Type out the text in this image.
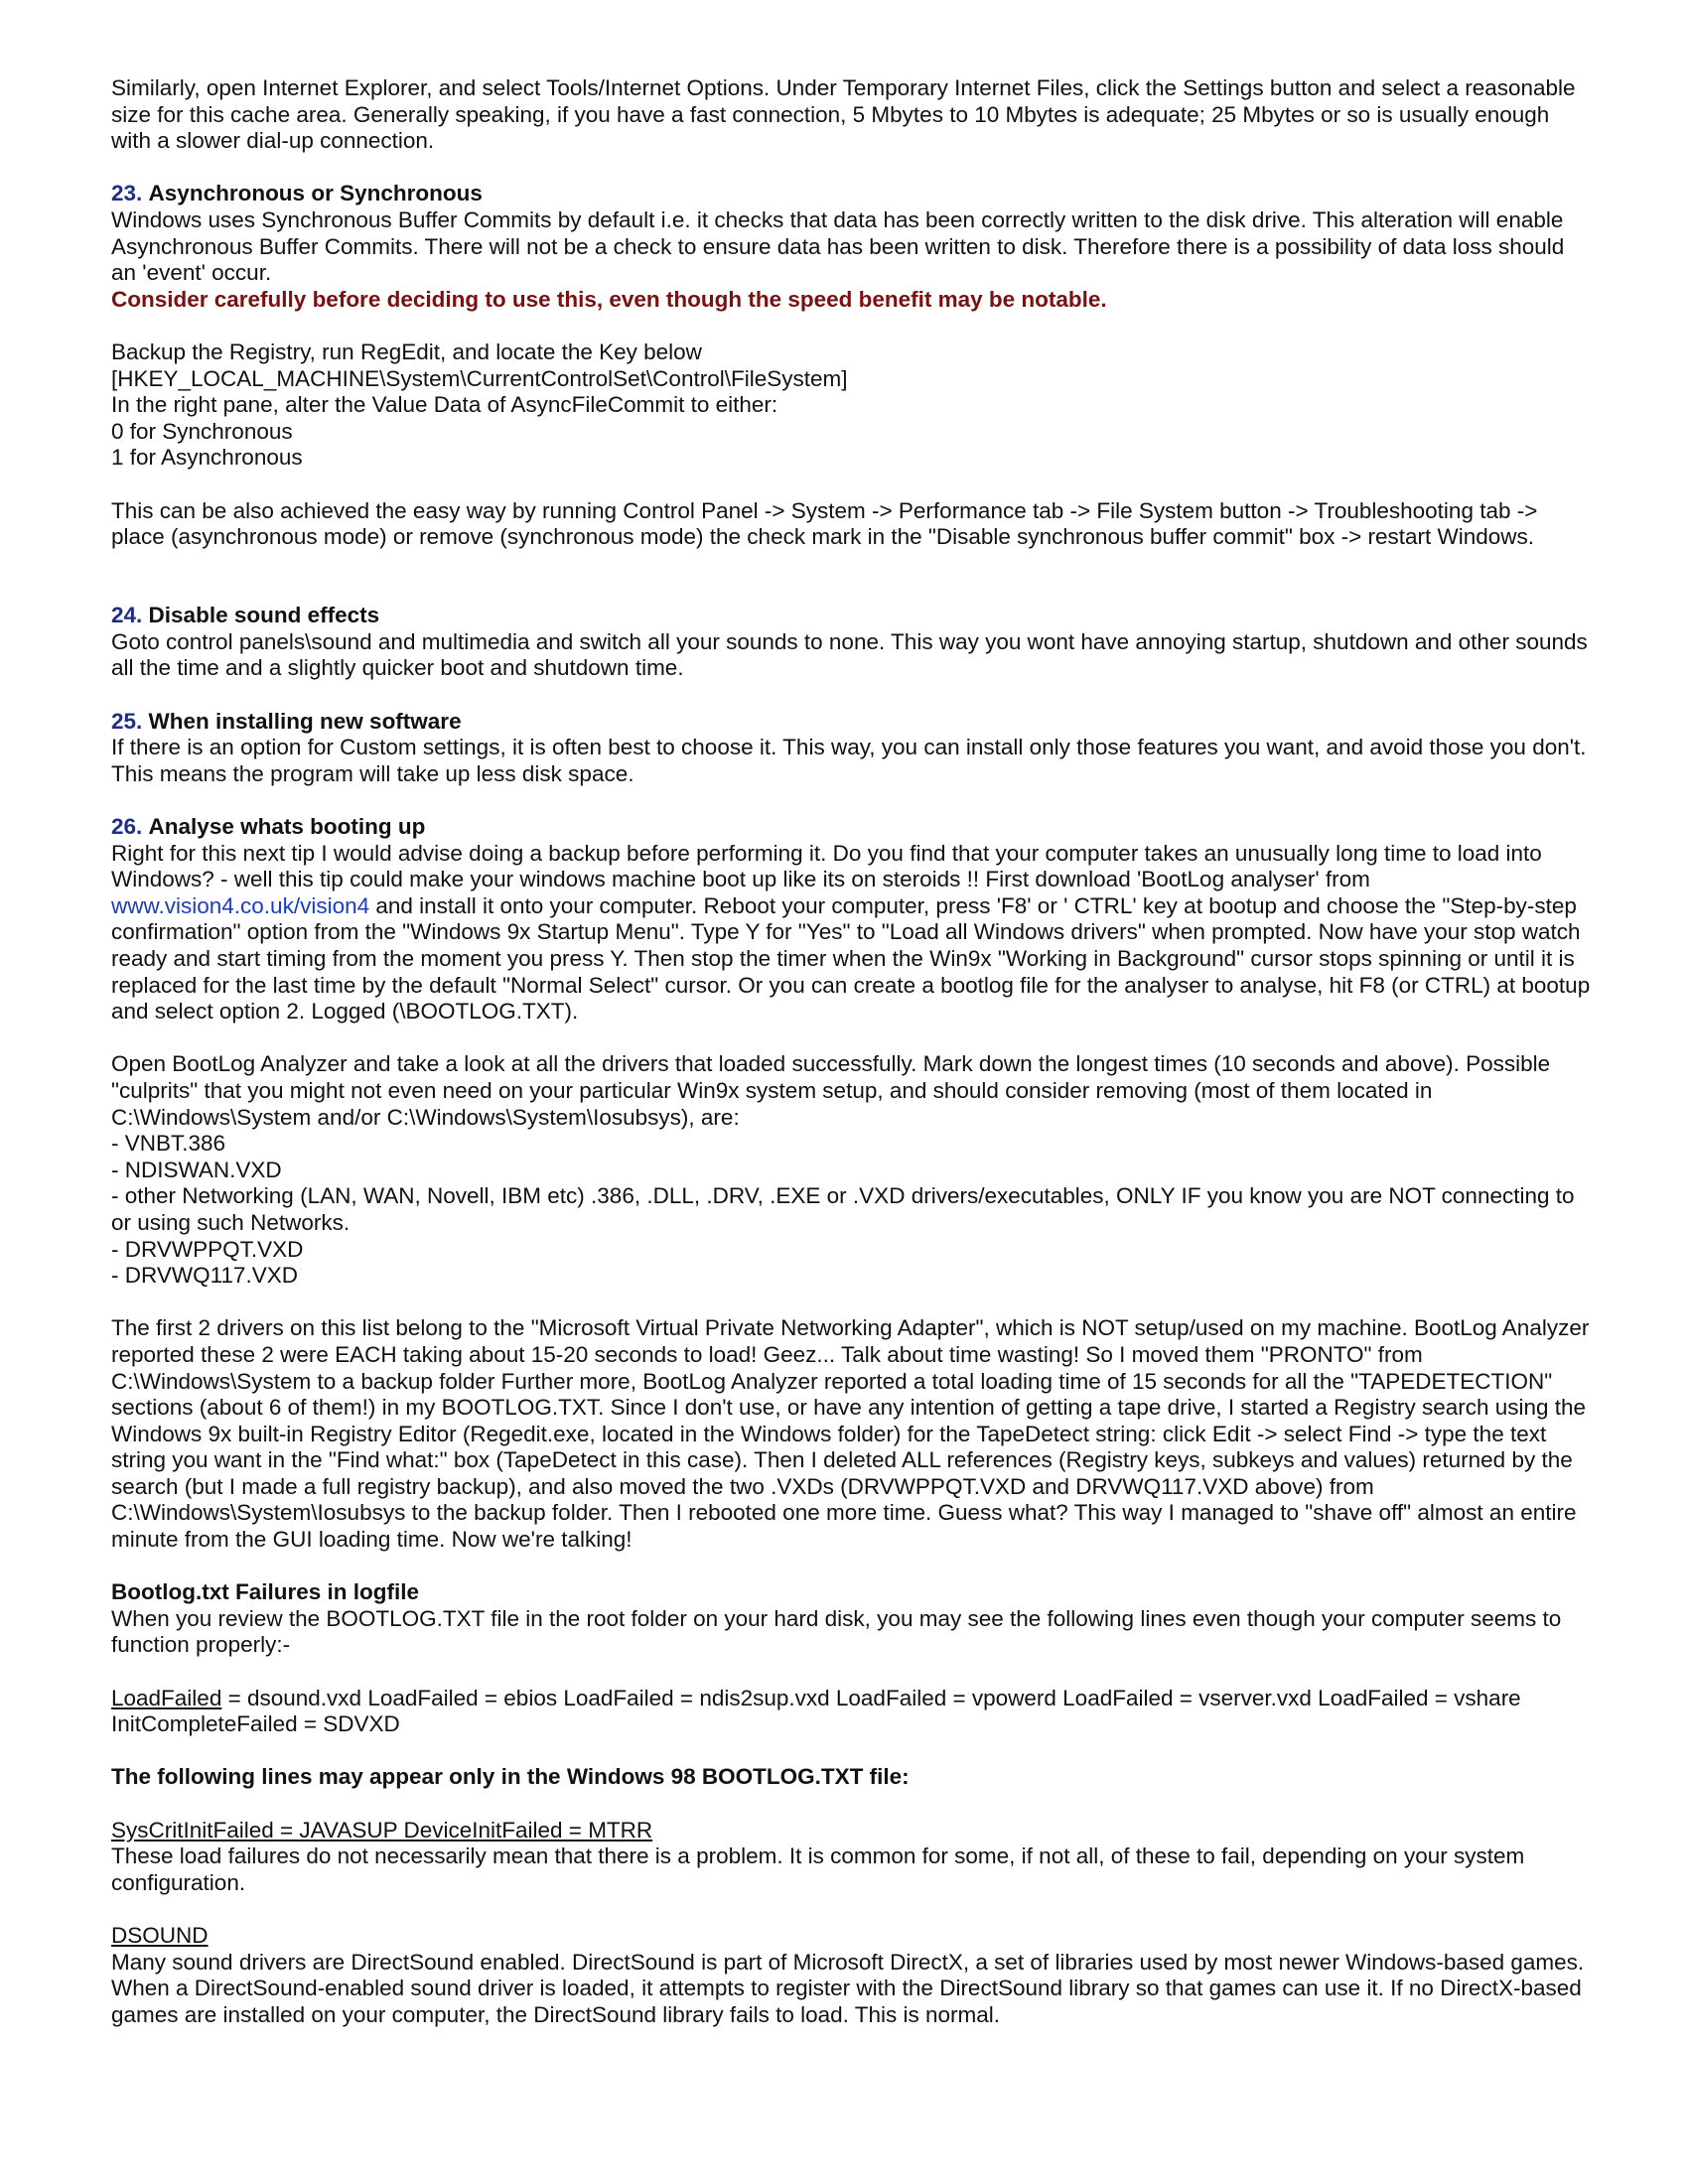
Similarly, open Internet Explorer, and select Tools/Internet Options. Under Temporary Internet Files, click the Settings button and select a reasonable size for this cache area. Generally speaking, if you have a fast connection, 5 Mbytes to 10 Mbytes is adequate; 25 Mbytes or so is usually enough with a slower dial-up connection.

23. Asynchronous or Synchronous

Windows uses Synchronous Buffer Commits by default i.e. it checks that data has been correctly written to the disk drive. This alteration will enable Asynchronous Buffer Commits. There will not be a check to ensure data has been written to disk. Therefore there is a possibility of data loss should an 'event' occur.

Consider carefully before deciding to use this, even though the speed benefit may be notable.

Backup the Registry, run RegEdit, and locate the Key below

[HKEY_LOCAL_MACHINE\System\CurrentControlSet\Control\FileSystem]

In the right pane, alter the Value Data of AsyncFileCommit to either:

0 for Synchronous

1 for Asynchronous

This can be also achieved the easy way by running Control Panel -> System -> Performance tab -> File System button -> Troubleshooting tab -> place (asynchronous mode) or remove (synchronous mode) the check mark in the "Disable synchronous buffer commit" box -> restart Windows.

24. Disable sound effects

Goto control panels\sound and multimedia and switch all your sounds to none. This way you wont have annoying startup, shutdown and other sounds all the time and a slightly quicker boot and shutdown time.

25. When installing new software

If there is an option for Custom settings, it is often best to choose it. This way, you can install only those features you want, and avoid those you don't. This means the program will take up less disk space.

26. Analyse whats booting up

Right for this next tip I would advise doing a backup before performing it. Do you find that your computer takes an unusually long time to load into Windows? - well this tip could make your windows machine boot up like its on steroids !! First download 'BootLog analyser' from www.vision4.co.uk/vision4 and install it onto your computer. Reboot your computer, press 'F8' or ' CTRL' key at bootup and choose the "Step-by-step confirmation" option from the "Windows 9x Startup Menu". Type Y for "Yes" to "Load all Windows drivers" when prompted. Now have your stop watch ready and start timing from the moment you press Y. Then stop the timer when the Win9x "Working in Background" cursor stops spinning or until it is replaced for the last time by the default "Normal Select" cursor. Or you can create a bootlog file for the analyser to analyse, hit F8 (or CTRL) at bootup and select option 2. Logged (\BOOTLOG.TXT).

Open BootLog Analyzer and take a look at all the drivers that loaded successfully. Mark down the longest times (10 seconds and above). Possible "culprits" that you might not even need on your particular Win9x system setup, and should consider removing (most of them located in C:\Windows\System and/or C:\Windows\System\Iosubsys), are:

- VNBT.386

- NDISWAN.VXD

- other Networking (LAN, WAN, Novell, IBM etc) .386, .DLL, .DRV, .EXE or .VXD drivers/executables, ONLY IF you know you are NOT connecting to or using such Networks.

- DRVWPPQT.VXD

- DRVWQ117.VXD

The first 2 drivers on this list belong to the "Microsoft Virtual Private Networking Adapter", which is NOT setup/used on my machine. BootLog Analyzer reported these 2 were EACH taking about 15-20 seconds to load! Geez... Talk about time wasting! So I moved them "PRONTO" from C:\Windows\System to a backup folder Further more, BootLog Analyzer reported a total loading time of 15 seconds for all the "TAPEDETECTION" sections (about 6 of them!) in my BOOTLOG.TXT. Since I don't use, or have any intention of getting a tape drive, I started a Registry search using the Windows 9x built-in Registry Editor (Regedit.exe, located in the Windows folder) for the TapeDetect string: click Edit -> select Find -> type the text string you want in the "Find what:" box (TapeDetect in this case). Then I deleted ALL references (Registry keys, subkeys and values) returned by the search (but I made a full registry backup), and also moved the two .VXDs (DRVWPPQT.VXD and DRVWQ117.VXD above) from C:\Windows\System\Iosubsys to the backup folder. Then I rebooted one more time. Guess what? This way I managed to "shave off" almost an entire minute from the GUI loading time. Now we're talking!

Bootlog.txt Failures in logfile

When you review the BOOTLOG.TXT file in the root folder on your hard disk, you may see the following lines even though your computer seems to function properly:-

LoadFailed = dsound.vxd LoadFailed = ebios LoadFailed = ndis2sup.vxd LoadFailed = vpowerd LoadFailed = vserver.vxd LoadFailed = vshare InitCompleteFailed = SDVXD

The following lines may appear only in the Windows 98 BOOTLOG.TXT file:

SysCritInitFailed = JAVASUP DeviceInitFailed = MTRR

These load failures do not necessarily mean that there is a problem. It is common for some, if not all, of these to fail, depending on your system configuration.

DSOUND

Many sound drivers are DirectSound enabled. DirectSound is part of Microsoft DirectX, a set of libraries used by most newer Windows-based games. When a DirectSound-enabled sound driver is loaded, it attempts to register with the DirectSound library so that games can use it. If no DirectX-based games are installed on your computer, the DirectSound library fails to load. This is normal.
